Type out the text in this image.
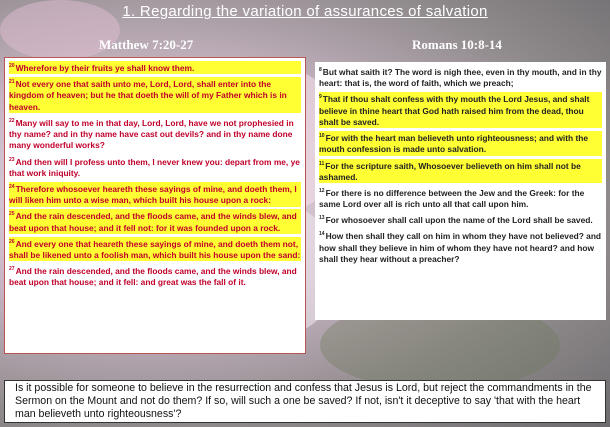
1. Regarding the variation of assurances of salvation
Matthew 7:20-27	Romans 10:8-14
$^{20}$Wherefore by their fruits ye shall know them.
$^{21}$Not every one that saith unto me, Lord, Lord, shall enter into the kingdom of heaven; but he that doeth the will of my Father which is in heaven.
$^{22}$Many will say to me in that day, Lord, Lord, have we not prophesied in thy name? and in thy name have cast out devils? and in thy name done many wonderful works?
$^{23}$And then will I profess unto them, I never knew you: depart from me, ye that work iniquity.
$^{24}$Therefore whosoever heareth these sayings of mine, and doeth them, I will liken him unto a wise man, which built his house upon a rock:
$^{25}$And the rain descended, and the floods came, and the winds blew, and beat upon that house; and it fell not: for it was founded upon a rock.
$^{26}$And every one that heareth these sayings of mine, and doeth them not, shall be likened unto a foolish man, which built his house upon the sand:
$^{27}$And the rain descended, and the floods came, and the winds blew, and beat upon that house; and it fell: and great was the fall of it.
$^8$But what saith it? The word is nigh thee, even in thy mouth, and in thy heart: that is, the word of faith, which we preach;
$^9$That if thou shalt confess with thy mouth the Lord Jesus, and shalt believe in thine heart that God hath raised him from the dead, thou shalt be saved.
$^{10}$For with the heart man believeth unto righteousness; and with the mouth confession is made unto salvation.
$^{11}$For the scripture saith, Whosoever believeth on him shall not be ashamed.
$^{12}$For there is no difference between the Jew and the Greek: for the same Lord over all is rich unto all that call upon him.
$^{13}$For whosoever shall call upon the name of the Lord shall be saved.
$^{14}$How then shall they call on him in whom they have not believed? and how shall they believe in him of whom they have not heard? and how shall they hear without a preacher?
Is it possible for someone to believe in the resurrection and confess that Jesus is Lord, but reject the commandments in the Sermon on the Mount and not do them? If so, will such a one be saved? If not, isn't it deceptive to say 'that with the heart man believeth unto righteousness'?
